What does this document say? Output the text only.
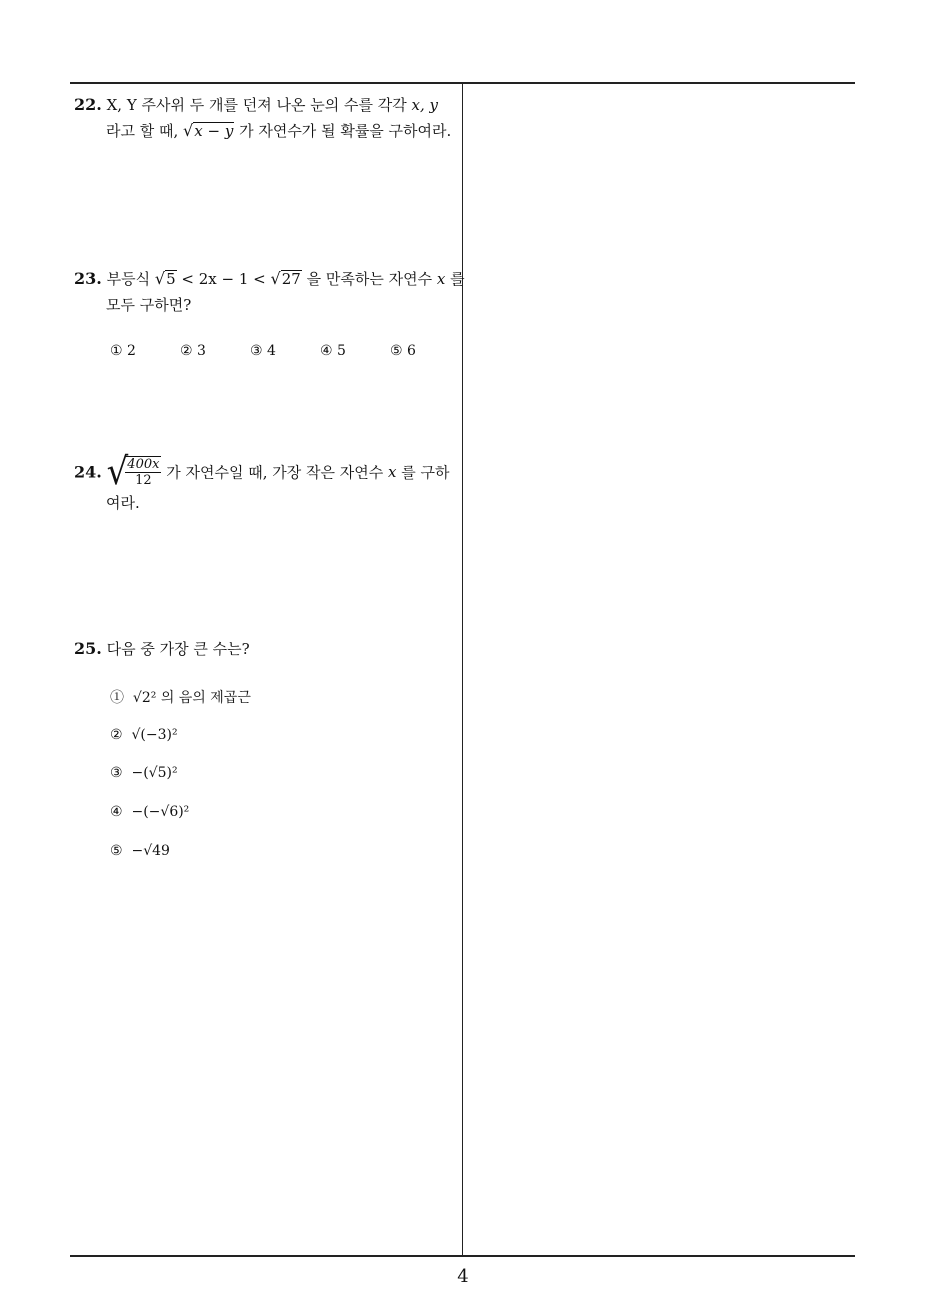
22. X, Y 주사위 두 개를 던져 나온 눈의 수를 각각 x, y
라고 할 때, √x − y 가 자연수가 될 확률을 구하여라.
23. 부등식 √5 < 2x − 1 < √27 을 만족하는 자연수 x 를
모두 구하면?
① 2	② 3	③ 4	④ 5	⑤ 6
24. √
$\frac{400x}{12}$ 가 자연수일 때, 가장 작은 자연수 x 를 구하
여라.
25. 다음 중 가장 큰 수는?
① √2² 의 음의 제곱근
② √(−3)²
③ −(√5)²
④ −(−√6)²
⑤ −√49
4
